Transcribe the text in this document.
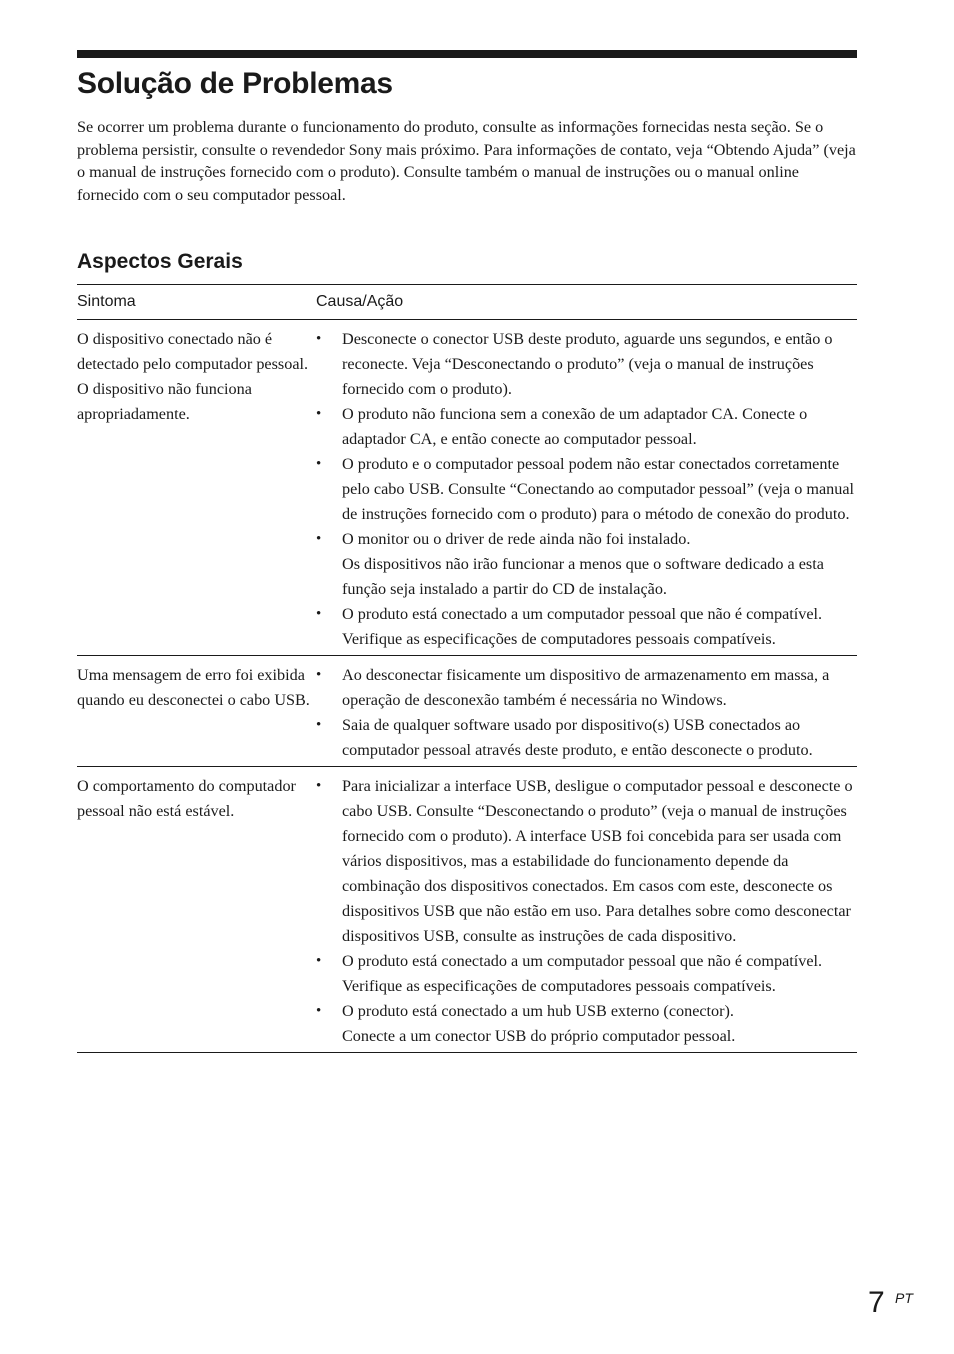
Solução de Problemas

Se ocorrer um problema durante o funcionamento do produto, consulte as informações fornecidas nesta seção. Se o problema persistir, consulte o revendedor Sony mais próximo. Para informações de contato, veja “Obtendo Ajuda” (veja o manual de instruções fornecido com o produto). Consulte também o manual de instruções ou o manual online fornecido com o seu computador pessoal.

Aspectos Gerais
Sintoma	Causa/Ação
O dispositivo conectado não é detectado pelo computador pessoal. O dispositivo não funciona apropriadamente.
• Desconecte o conector USB deste produto, aguarde uns segundos, e então o reconecte. Veja “Desconectando o produto” (veja o manual de instruções fornecido com o produto).
• O produto não funciona sem a conexão de um adaptador CA. Conecte o adaptador CA, e então conecte ao computador pessoal.
• O produto e o computador pessoal podem não estar conectados corretamente pelo cabo USB. Consulte “Conectando ao computador pessoal” (veja o manual de instruções fornecido com o produto) para o método de conexão do produto.
• O monitor ou o driver de rede ainda não foi instalado.
Os dispositivos não irão funcionar a menos que o software dedicado a esta função seja instalado a partir do CD de instalação.
• O produto está conectado a um computador pessoal que não é compatível.
Verifique as especificações de computadores pessoais compatíveis.
Uma mensagem de erro foi exibida quando eu desconectei o cabo USB.
• Ao desconectar fisicamente um dispositivo de armazenamento em massa, a operação de desconexão também é necessária no Windows.
• Saia de qualquer software usado por dispositivo(s) USB conectados ao computador pessoal através deste produto, e então desconecte o produto.
O comportamento do computador pessoal não está estável.
• Para inicializar a interface USB, desligue o computador pessoal e desconecte o cabo USB. Consulte “Desconectando o produto” (veja o manual de instruções fornecido com o produto). A interface USB foi concebida para ser usada com vários dispositivos, mas a estabilidade do funcionamento depende da combinação dos dispositivos conectados. Em casos com este, desconecte os dispositivos USB que não estão em uso. Para detalhes sobre como desconectar dispositivos USB, consulte as instruções de cada dispositivo.
• O produto está conectado a um computador pessoal que não é compatível.
Verifique as especificações de computadores pessoais compatíveis.
• O produto está conectado a um hub USB externo (conector).
Conecte a um conector USB do próprio computador pessoal.
7 PT
